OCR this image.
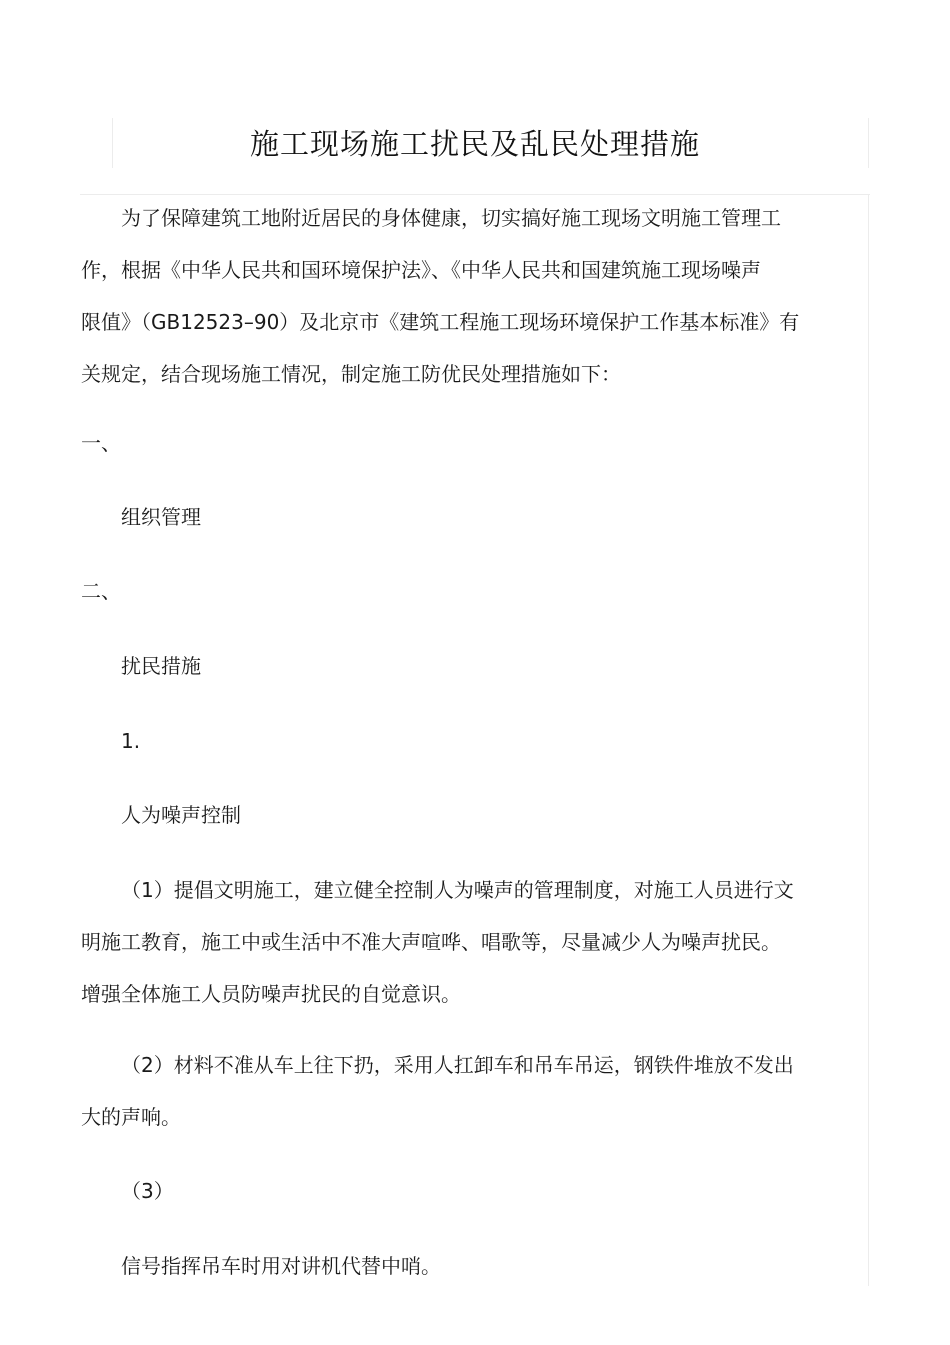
施工现场施工扰民及乱民处理措施
为了保障建筑工地附近居民的身体健康，切实搞好施工现场文明施工管理工
作，根据《中华人民共和国环境保护法》、《中华人民共和国建筑施工现场噪声
限值》（GB12523–90）及北京市《建筑工程施工现场环境保护工作基本标准》有
关规定，结合现场施工情况，制定施工防优民处理措施如下：
一、
组织管理
二、
扰民措施
1.
人为噪声控制
（1）提倡文明施工，建立健全控制人为噪声的管理制度，对施工人员进行文
明施工教育，施工中或生活中不准大声喧哗、唱歌等，尽量减少人为噪声扰民。
增强全体施工人员防噪声扰民的自觉意识。
（2）材料不准从车上往下扔，采用人扛卸车和吊车吊运，钢铁件堆放不发出
大的声响。
（3）
信号指挥吊车时用对讲机代替中哨。
